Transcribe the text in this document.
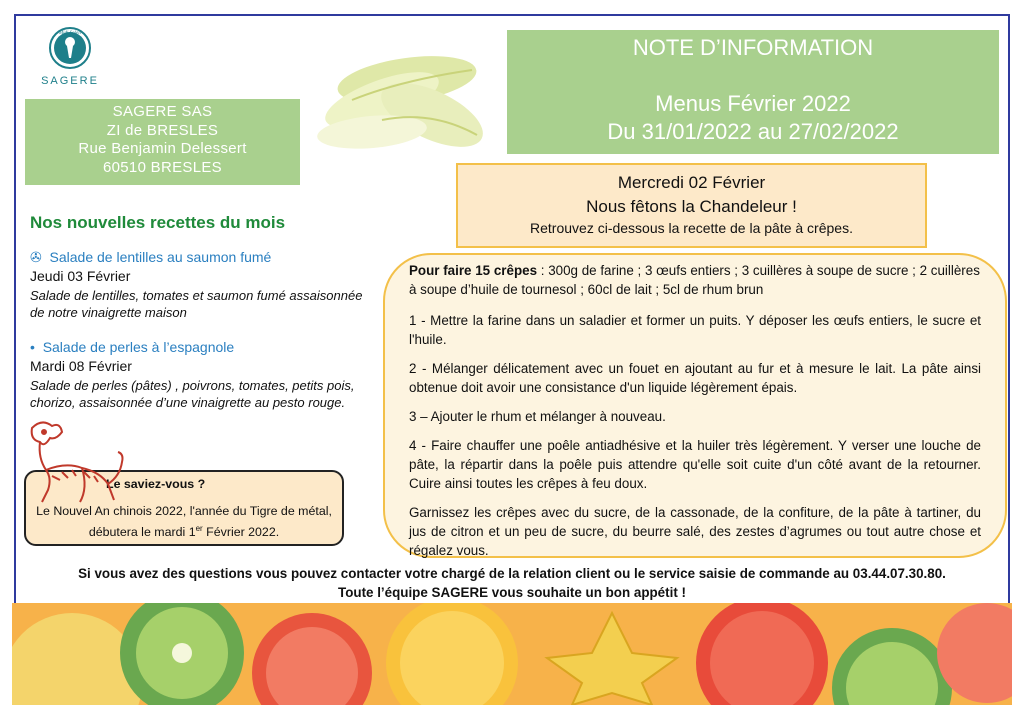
Midi Soleil
SAGERE
SAGERE SAS
ZI de BRESLES
Rue Benjamin Delessert
60510 BRESLES
NOTE D’INFORMATION
Menus Février 2022
Du 31/01/2022 au 27/02/2022
Nos nouvelles recettes du mois
✇ Salade de lentilles au saumon fumé
Jeudi 03 Février
Salade de lentilles, tomates et saumon fumé assaisonnée de notre vinaigrette maison
• Salade de perles à l’espagnole
Mardi 08 Février
Salade de perles (pâtes) , poivrons, tomates, petits pois, chorizo, assaisonnée d’une vinaigrette au pesto rouge.
Mercredi 02 Février
Nous fêtons la Chandeleur !
Retrouvez ci-dessous la recette de la pâte à crêpes.

Pour faire 15 crêpes : 300g de farine ; 3 œufs entiers ; 3 cuillères à soupe de sucre ; 2 cuillères à soupe d’huile de tournesol ; 60cl de lait ; 5cl de rhum brun

1 - Mettre la farine dans un saladier et former un puits. Y déposer les œufs entiers, le sucre et l'huile.

2 - Mélanger délicatement avec un fouet en ajoutant au fur et à mesure le lait. La pâte ainsi obtenue doit avoir une consistance d'un liquide légèrement épais.

3 – Ajouter le rhum et mélanger à nouveau.

4 - Faire chauffer une poêle antiadhésive et la huiler très légèrement. Y verser une louche de pâte, la répartir dans la poêle puis attendre qu'elle soit cuite d'un côté avant de la retourner. Cuire ainsi toutes les crêpes à feu doux.

Garnissez les crêpes avec du sucre, de la cassonade, de la confiture, de la pâte à tartiner, du jus de citron et un peu de sucre, du beurre salé, des zestes d’agrumes ou tout autre chose et régalez vous.

Le saviez-vous ?
Le Nouvel An chinois 2022, l'année du Tigre de métal, débutera le mardi 1er Février 2022.
Si vous avez des questions vous pouvez contacter votre chargé de la relation client ou le service saisie de commande au 03.44.07.30.80.
Toute l’équipe SAGERE vous souhaite un bon appétit !
